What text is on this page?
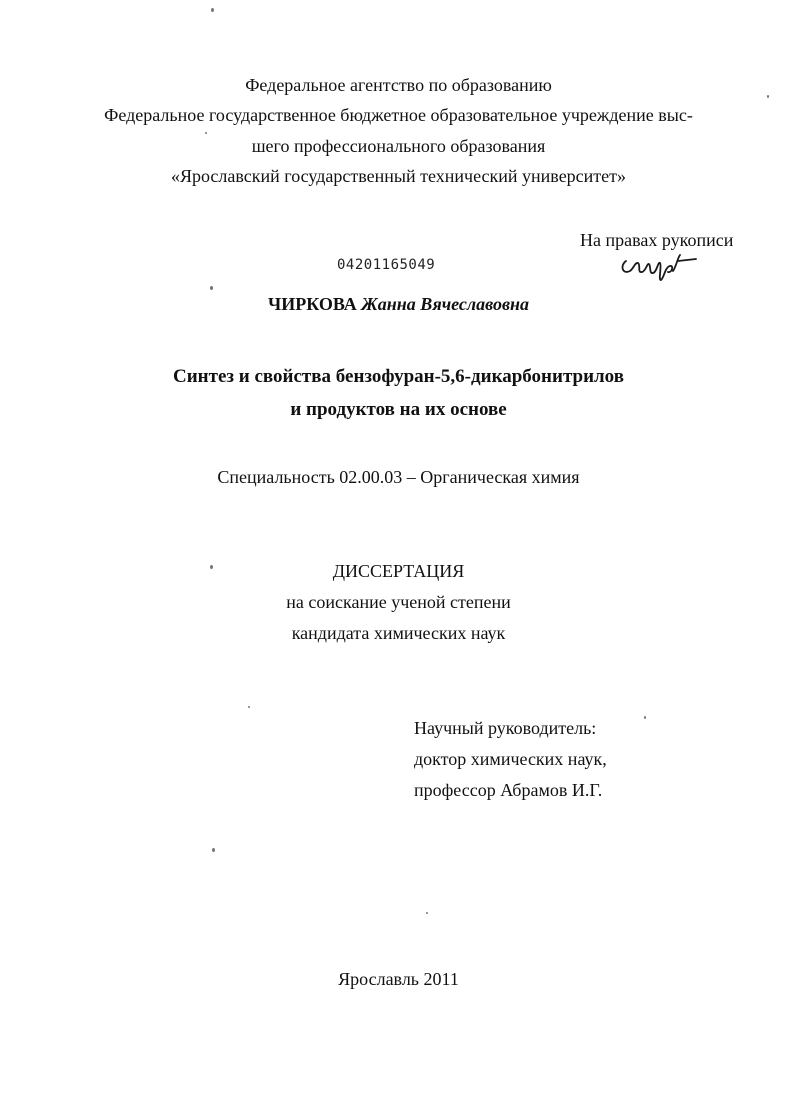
Федеральное агентство по образованию
Федеральное государственное бюджетное образовательное учреждение выс-
шего профессионального образования
«Ярославский государственный технический университет»
На правах рукописи
04201165049
ЧИРКОВА Жанна Вячеславовна
Синтез и свойства бензофуран-5,6-дикарбонитрилов
и продуктов на их основе
Специальность 02.00.03 – Органическая химия
ДИССЕРТАЦИЯ
на соискание ученой степени
кандидата химических наук
Научный руководитель:
доктор химических наук,
профессор Абрамов И.Г.
Ярославль 2011
